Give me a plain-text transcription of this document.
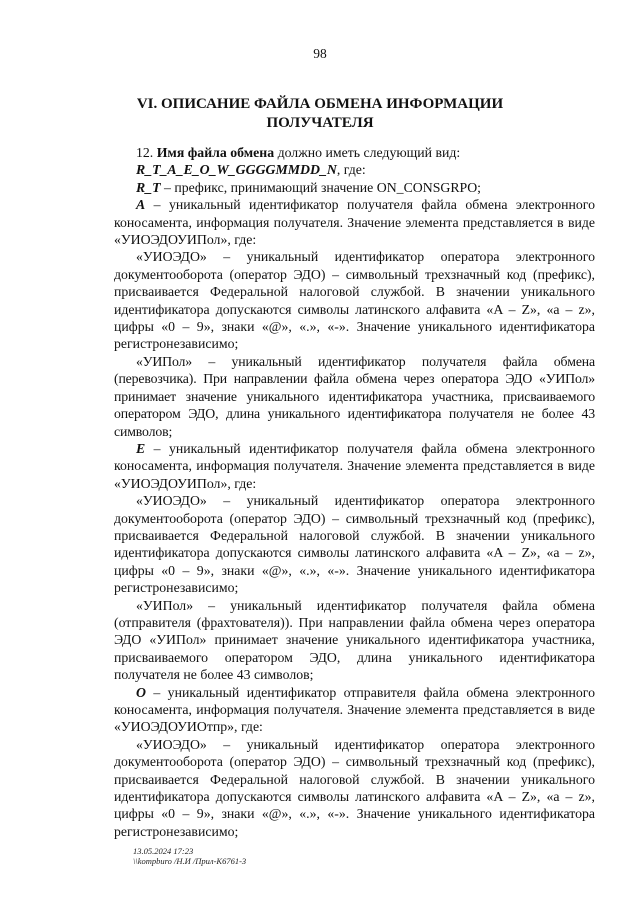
98
VI. ОПИСАНИЕ ФАЙЛА ОБМЕНА ИНФОРМАЦИИ ПОЛУЧАТЕЛЯ

12. Имя файла обмена должно иметь следующий вид:

R_T_A_E_O_W_GGGGMMDD_N, где:

R_T – префикс, принимающий значение ON_CONSGRPO;

A – уникальный идентификатор получателя файла обмена электронного коносамента, информация получателя. Значение элемента представляется в виде «УИОЭДОУИПол», где:

«УИОЭДО» – уникальный идентификатор оператора электронного документооборота (оператор ЭДО) – символьный трехзначный код (префикс), присваивается Федеральной налоговой службой. В значении уникального идентификатора допускаются символы латинского алфавита «A – Z», «a – z», цифры «0 – 9», знаки «@», «.», «-». Значение уникального идентификатора регистронезависимо;

«УИПол» – уникальный идентификатор получателя файла обмена (перевозчика). При направлении файла обмена через оператора ЭДО «УИПол» принимает значение уникального идентификатора участника, присваиваемого оператором ЭДО, длина уникального идентификатора получателя не более 43 символов;

E – уникальный идентификатор получателя файла обмена электронного коносамента, информация получателя. Значение элемента представляется в виде «УИОЭДОУИПол», где:

«УИОЭДО» – уникальный идентификатор оператора электронного документооборота (оператор ЭДО) – символьный трехзначный код (префикс), присваивается Федеральной налоговой службой. В значении уникального идентификатора допускаются символы латинского алфавита «A – Z», «a – z», цифры «0 – 9», знаки «@», «.», «-». Значение уникального идентификатора регистронезависимо;

«УИПол» – уникальный идентификатор получателя файла обмена (отправителя (фрахтователя)). При направлении файла обмена через оператора ЭДО «УИПол» принимает значение уникального идентификатора участника, присваиваемого оператором ЭДО, длина уникального идентификатора получателя не более 43 символов;

O – уникальный идентификатор отправителя файла обмена электронного коносамента, информация получателя. Значение элемента представляется в виде «УИОЭДОУИОтпр», где:

«УИОЭДО» – уникальный идентификатор оператора электронного документооборота (оператор ЭДО) – символьный трехзначный код (префикс), присваивается Федеральной налоговой службой. В значении уникального идентификатора допускаются символы латинского алфавита «A – Z», «a – z», цифры «0 – 9», знаки «@», «.», «-». Значение уникального идентификатора регистронезависимо;

13.05.2024 17:23
\\kompburo /Н.И /Прил-К6761-3
